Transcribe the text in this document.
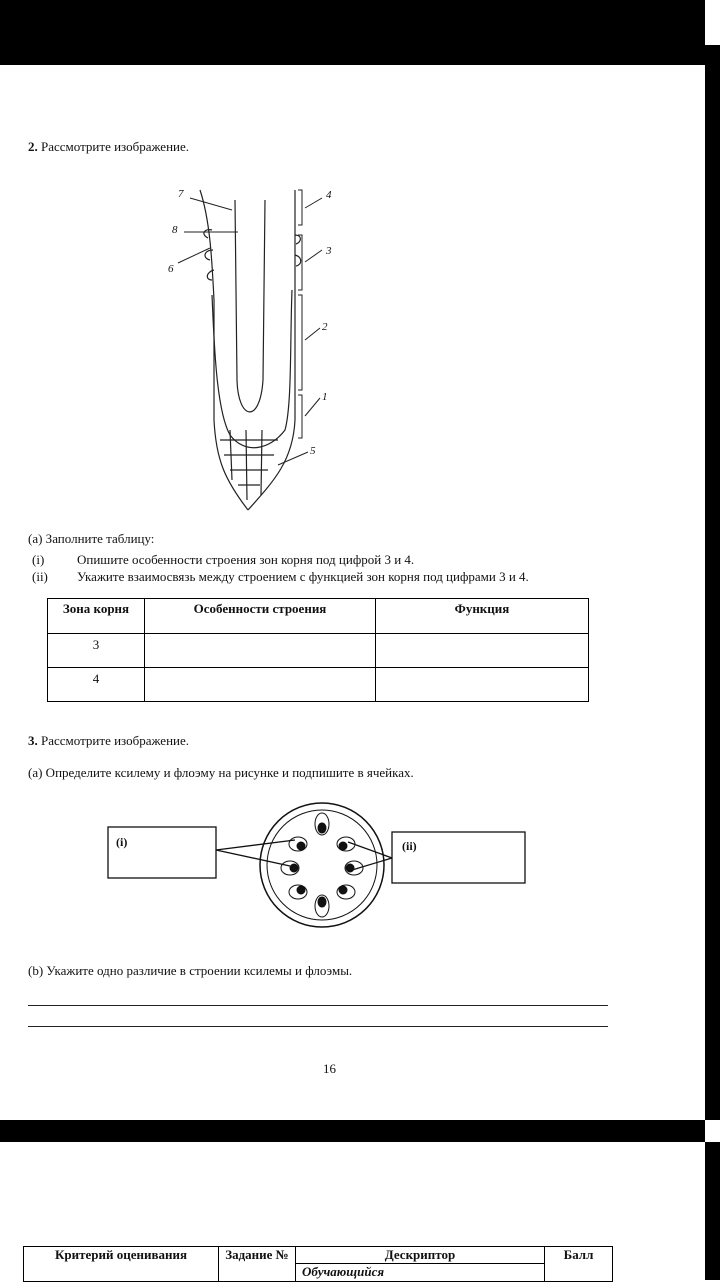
2. Рассмотрите изображение.
4
3
2
1
5
7
8
6
(a) Заполните таблицу:
(i)	Опишите особенности строения зон корня под цифрой 3 и 4.
(ii) Укажите взаимосвязь между строением с функцией зон корня под цифрами 3 и 4.
Зона корня	Особенности строения	Функция
3		
4		
3. Рассмотрите изображение.
(a) Определите ксилему и флоэму на рисунке и подпишите в ячейках.
(i)	(ii)
(b) Укажите одно различие в строении ксилемы и флоэмы.
16
Критерий оценивания	Задание №	Дескриптор	Балл
Обучающийся
